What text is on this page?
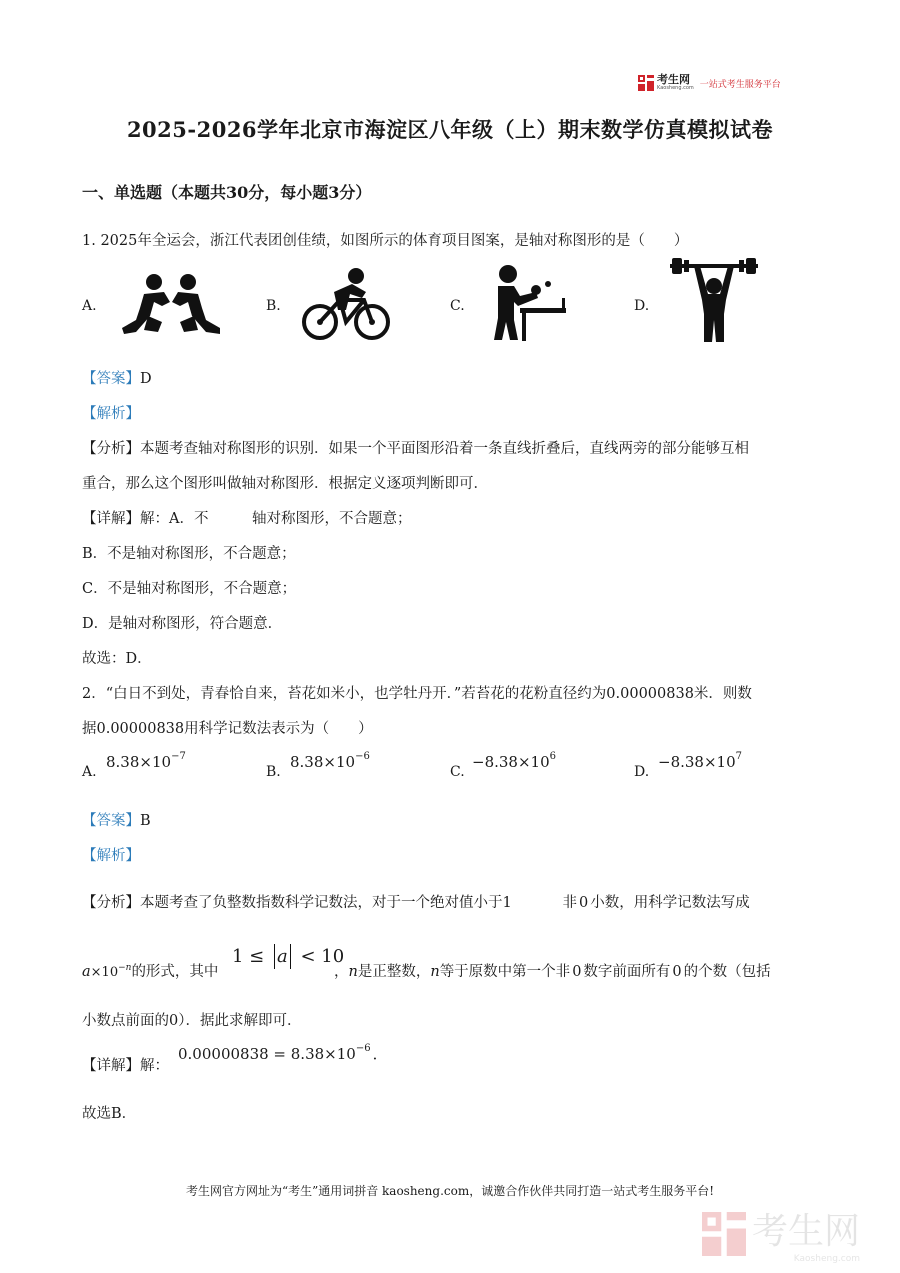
考生网
Kaosheng.com 一站式考生服务平台
2025-2026学年北京市海淀区八年级（上）期末数学仿真模拟试卷
一、单选题（本题共30分，每小题3分）
1. 2025年全运会，浙江代表团创佳绩，如图所示的体育项目图案，是轴对称图形的是（　　）
A.	B.	C.	D.
【答案】D
【解析】
【分析】本题考查轴对称图形的识别．如果一个平面图形沿着一条直线折叠后，直线两旁的部分能够互相
重合，那么这个图形叫做轴对称图形．根据定义逐项判断即可．
【详解】解：A．不　　　轴对称图形，不合题意；
B．不是轴对称图形，不合题意；
C．不是轴对称图形，不合题意；
D．是轴对称图形，符合题意．
故选：D．
2．“白日不到处，青春恰自来，苔花如米小，也学牡丹开．”若苔花的花粉直径约为0.00000838米．则数
据0.00000838用科学记数法表示为（　　）
A.
$8.38\times 10^{-7}$
B.
$8.38\times 10^{-6}$
C.
$-8.38\times 10^6$
D.
$-8.38\times 10^7$
【答案】B
【解析】
【分析】本题考查了负整数指数科学记数法，对于一个绝对值小于1	非 0 小数，用科学记数法写成
$a\times 10^{-n}$的形式，其中
1 ≤ a < 10
，n是正整数，n等于原数中第一个非 0 数字前面所有 0 的个数（包括
小数点前面的0）．据此求解即可．
【详解】解：
$0.00000838 = 8.38\times 10^{-6}$ ．
故选B．
考生网官方网址为“考生”通用词拼音 kaosheng.com，诚邀合作伙伴共同打造一站式考生服务平台!
考生网
Kaosheng.com
